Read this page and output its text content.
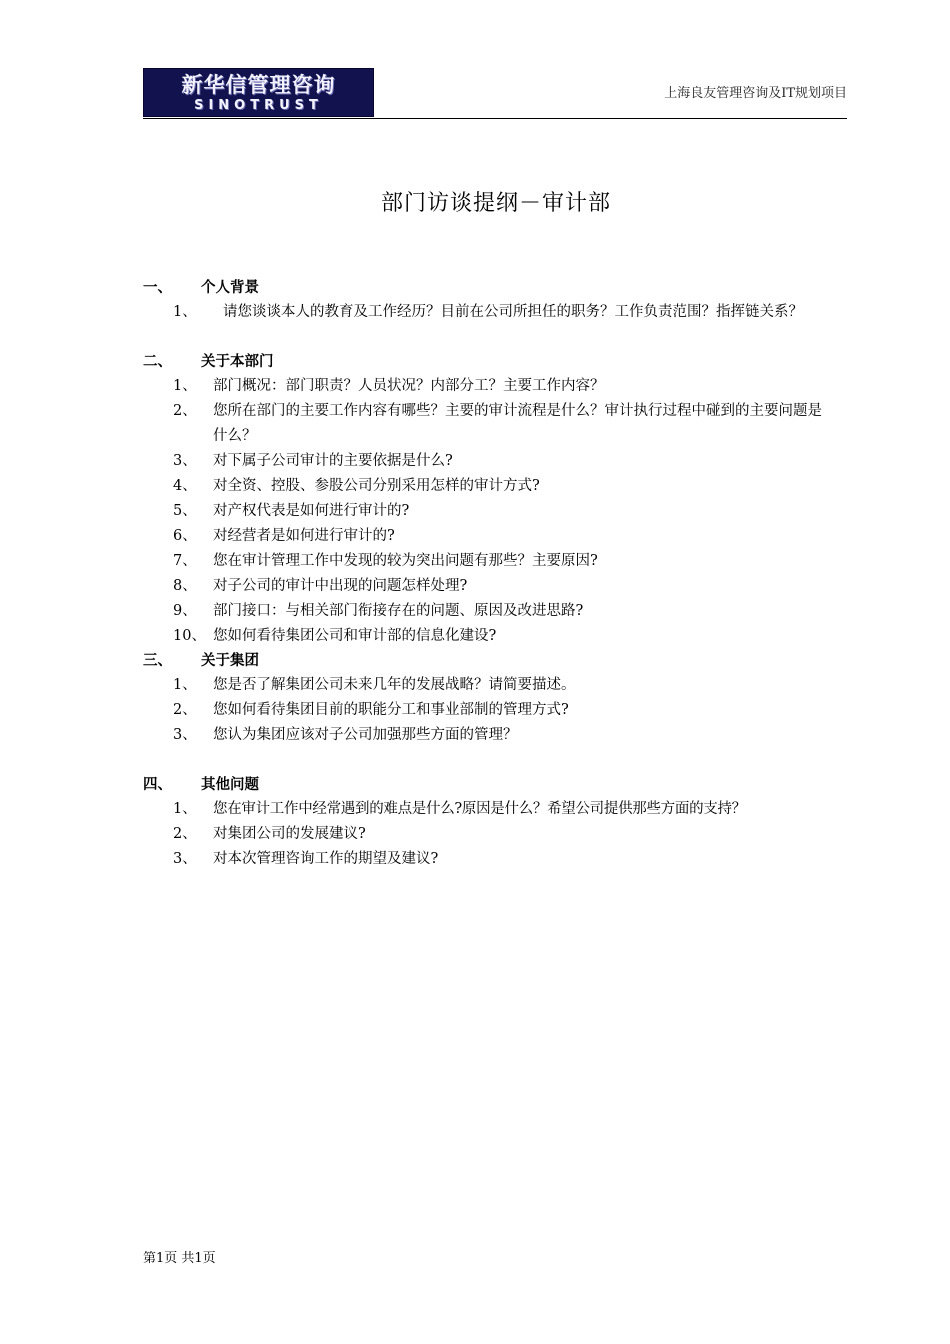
新华信管理咨询
SINOTRUST
上海良友管理咨询及IT规划项目
部门访谈提纲－审计部
一、 个人背景
1、 请您谈谈本人的教育及工作经历？目前在公司所担任的职务？工作负责范围？指挥链关系？
二、 关于本部门
1、 部门概况：部门职责？人员状况？内部分工？主要工作内容？
2、 您所在部门的主要工作内容有哪些？主要的审计流程是什么？审计执行过程中碰到的主要问题是什么？
3、 对下属子公司审计的主要依据是什么?
4、 对全资、控股、参股公司分别采用怎样的审计方式?
5、 对产权代表是如何进行审计的?
6、 对经营者是如何进行审计的?
7、 您在审计管理工作中发现的较为突出问题有那些？主要原因?
8、 对子公司的审计中出现的问题怎样处理?
9、 部门接口：与相关部门衔接存在的问题、原因及改进思路?
10、 您如何看待集团公司和审计部的信息化建设?
三、 关于集团
1、 您是否了解集团公司未来几年的发展战略？请简要描述。
2、 您如何看待集团目前的职能分工和事业部制的管理方式?
3、 您认为集团应该对子公司加强那些方面的管理？
四、 其他问题
1、 您在审计工作中经常遇到的难点是什么?原因是什么？希望公司提供那些方面的支持？
2、 对集团公司的发展建议?
3、 对本次管理咨询工作的期望及建议?
第1页 共1页
